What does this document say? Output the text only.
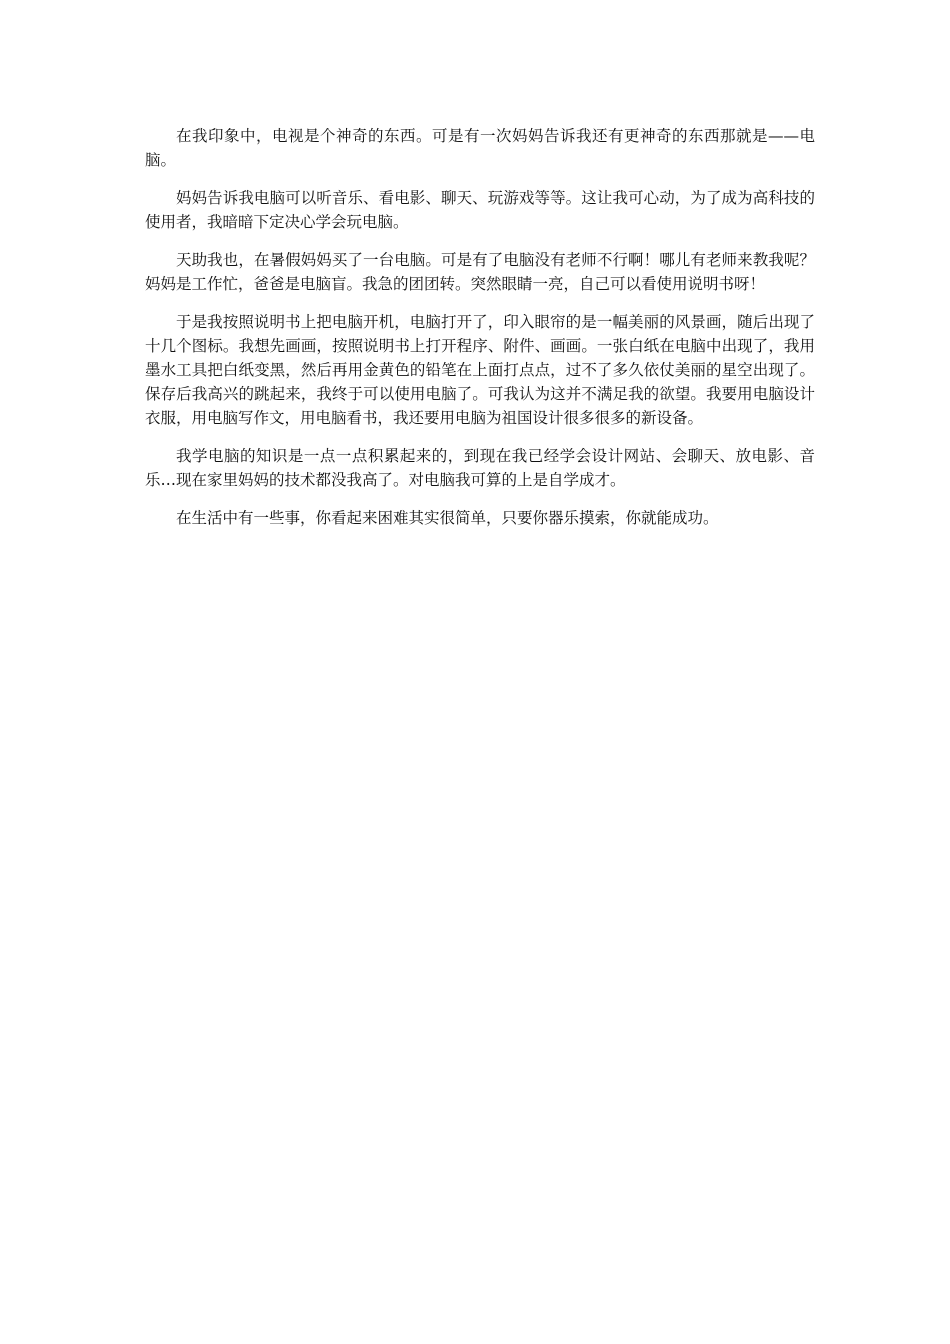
在我印象中，电视是个神奇的东西。可是有一次妈妈告诉我还有更神奇的东西那就是——电脑。

妈妈告诉我电脑可以听音乐、看电影、聊天、玩游戏等等。这让我可心动，为了成为高科技的使用者，我暗暗下定决心学会玩电脑。

天助我也，在暑假妈妈买了一台电脑。可是有了电脑没有老师不行啊！哪儿有老师来教我呢？妈妈是工作忙，爸爸是电脑盲。我急的团团转。突然眼睛一亮，自己可以看使用说明书呀！

于是我按照说明书上把电脑开机，电脑打开了，印入眼帘的是一幅美丽的风景画，随后出现了十几个图标。我想先画画，按照说明书上打开程序、附件、画画。一张白纸在电脑中出现了，我用墨水工具把白纸变黑，然后再用金黄色的铅笔在上面打点点，过不了多久依仗美丽的星空出现了。保存后我高兴的跳起来，我终于可以使用电脑了。可我认为这并不满足我的欲望。我要用电脑设计衣服，用电脑写作文，用电脑看书，我还要用电脑为祖国设计很多很多的新设备。

我学电脑的知识是一点一点积累起来的，到现在我已经学会设计网站、会聊天、放电影、音乐…现在家里妈妈的技术都没我高了。对电脑我可算的上是自学成才。

在生活中有一些事，你看起来困难其实很简单，只要你器乐摸索，你就能成功。
